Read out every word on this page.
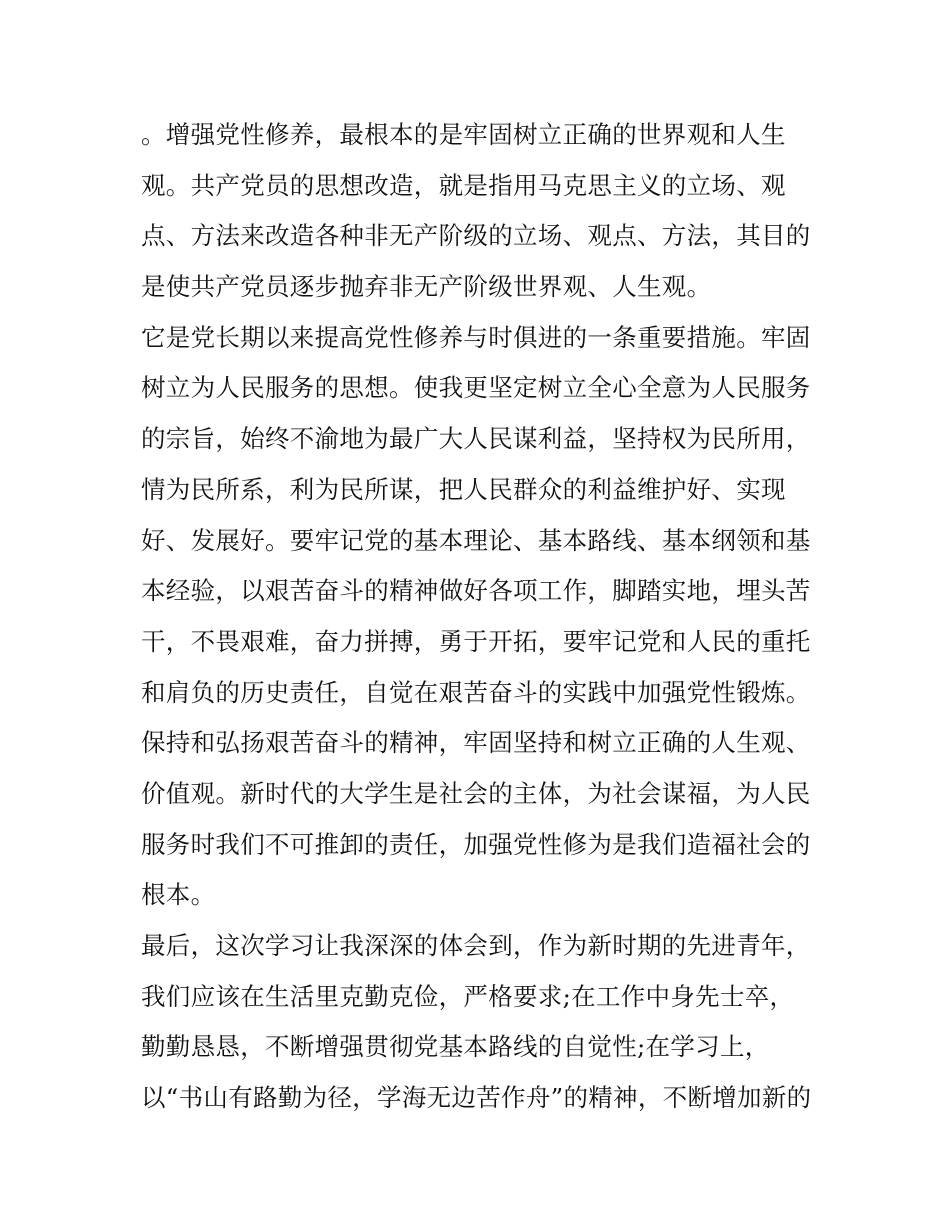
。增强党性修养，最根本的是牢固树立正确的世界观和人生
观。共产党员的思想改造，就是指用马克思主义的立场、观
点、方法来改造各种非无产阶级的立场、观点、方法，其目的
是使共产党员逐步抛弃非无产阶级世界观、人生观。
它是党长期以来提高党性修养与时俱进的一条重要措施。牢固
树立为人民服务的思想。使我更坚定树立全心全意为人民服务
的宗旨，始终不渝地为最广大人民谋利益，坚持权为民所用，
情为民所系，利为民所谋，把人民群众的利益维护好、实现
好、发展好。要牢记党的基本理论、基本路线、基本纲领和基
本经验，以艰苦奋斗的精神做好各项工作，脚踏实地，埋头苦
干，不畏艰难，奋力拼搏，勇于开拓，要牢记党和人民的重托
和肩负的历史责任，自觉在艰苦奋斗的实践中加强党性锻炼。
保持和弘扬艰苦奋斗的精神，牢固坚持和树立正确的人生观、
价值观。新时代的大学生是社会的主体，为社会谋福，为人民
服务时我们不可推卸的责任，加强党性修为是我们造福社会的
根本。
最后，这次学习让我深深的体会到，作为新时期的先进青年，
我们应该在生活里克勤克俭，严格要求;在工作中身先士卒，
勤勤恳恳，不断增强贯彻党基本路线的自觉性;在学习上，
以“书山有路勤为径，学海无边苦作舟”的精神，不断增加新的
